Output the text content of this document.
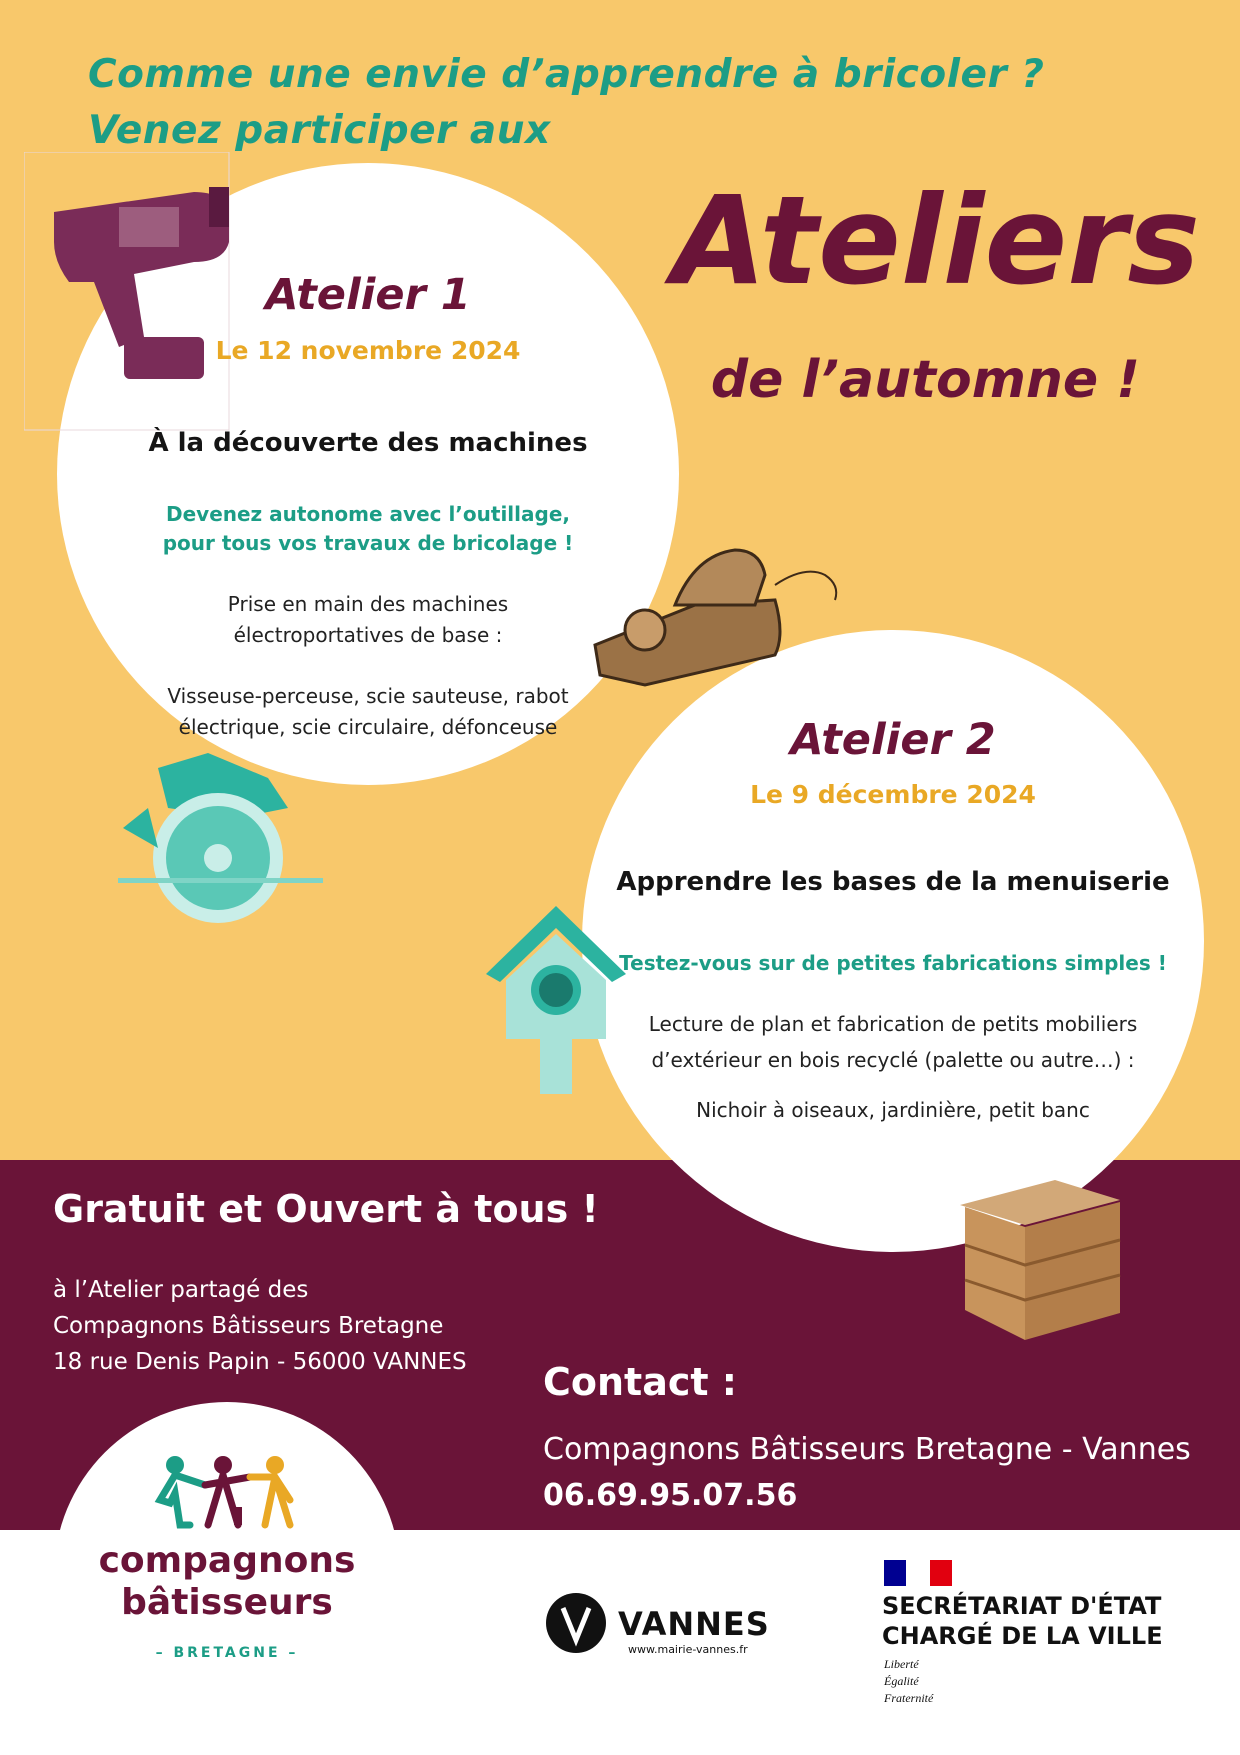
Comme une envie d’apprendre à bricoler ?
Venez participer aux
Ateliers
de l’automne !
Atelier 1
Le 12 novembre 2024
À la découverte des machines
Devenez autonome avec l’outillage,
pour tous vos travaux de bricolage !
Prise en main des machines
électroportatives de base :
Visseuse-perceuse, scie sauteuse, rabot
électrique, scie circulaire, défonceuse	Atelier 2
Le 9 décembre 2024
Apprendre les bases de la menuiserie
Testez-vous sur de petites fabrications simples !
Lecture de plan et fabrication de petits mobiliers
d’extérieur en bois recyclé (palette ou autre…) :
Nichoir à oiseaux, jardinière, petit banc
Gratuit et Ouvert à tous !
à l’Atelier partagé des
Compagnons Bâtisseurs Bretagne
18 rue Denis Papin - 56000 VANNES Contact :
Compagnons Bâtisseurs Bretagne - Vannes
06.69.95.07.56
compagnons
bâtisseurs
– BRETAGNE –
VANNES
www.mairie-vannes.fr
SECRÉTARIAT D'ÉTAT
CHARGÉ DE LA VILLE
Liberté
Égalité
Fraternité
